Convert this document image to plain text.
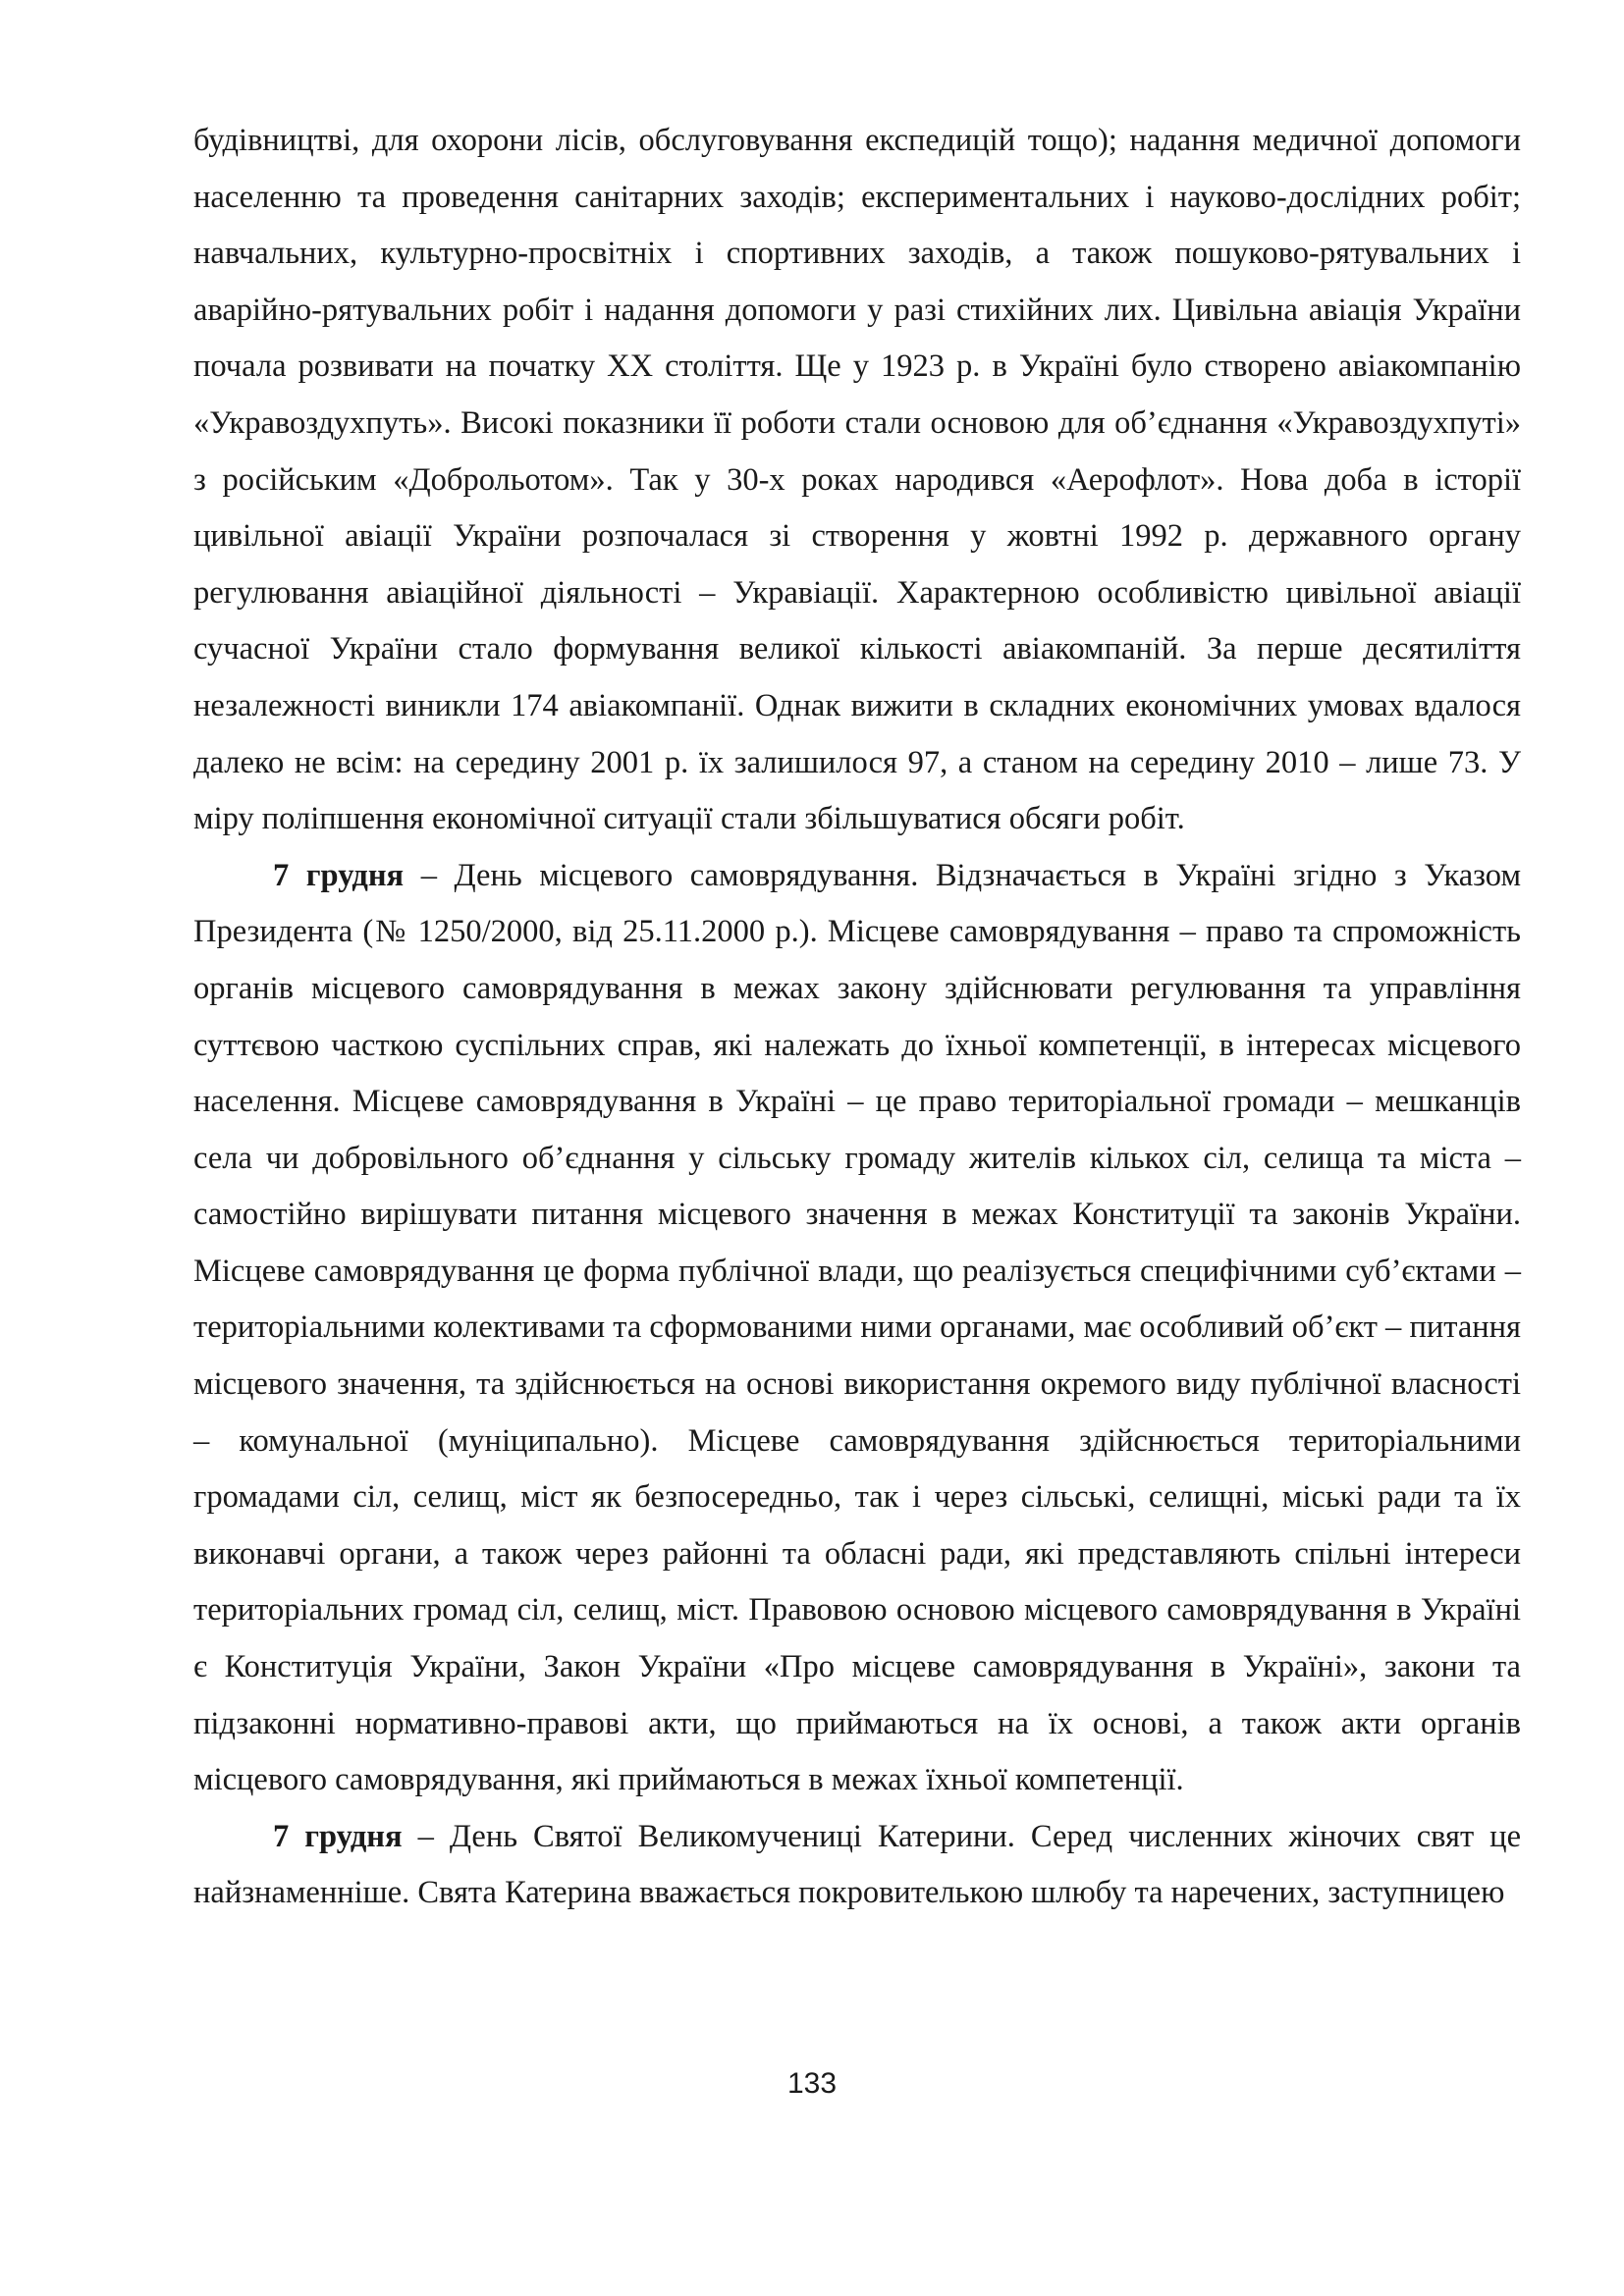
будівництві, для охорони лісів, обслуговування експедицій тощо); надання медичної допомоги населенню та проведення санітарних заходів; експериментальних і науково-дослідних робіт; навчальних, культурно-просвітніх і спортивних заходів, а також пошуково-рятувальних і аварійно-рятувальних робіт і надання допомоги у разі стихійних лих. Цивільна авіація України почала розвивати на початку XX століття. Ще у 1923 р. в Україні було створено авіакомпанію «Укравоздухпуть». Високі показники її роботи стали основою для об’єднання «Укравоздухпуті» з російським «Доброльотом». Так у 30-х роках народився «Аерофлот». Нова доба в історії цивільної авіації України розпочалася зі створення у жовтні 1992 р. державного органу регулювання авіаційної діяльності – Укравіації. Характерною особливістю цивільної авіації сучасної України стало формування великої кількості авіакомпаній. За перше десятиліття незалежності виникли 174 авіакомпанії. Однак вижити в складних економічних умовах вдалося далеко не всім: на середину 2001 р. їх залишилося 97, а станом на середину 2010 – лише 73. У міру поліпшення економічної ситуації стали збільшуватися обсяги робіт.

7 грудня – День місцевого самоврядування. Відзначається в Україні згідно з Указом Президента (№ 1250/2000, від 25.11.2000 р.). Місцеве самоврядування – право та спроможність органів місцевого самоврядування в межах закону здійснювати регулювання та управління суттєвою часткою суспільних справ, які належать до їхньої компетенції, в інтересах місцевого населення. Місцеве самоврядування в Україні – це право територіальної громади – мешканців села чи добровільного об’єднання у сільську громаду жителів кількох сіл, селища та міста – самостійно вирішувати питання місцевого значення в межах Конституції та законів України. Місцеве самоврядування це форма публічної влади, що реалізується специфічними суб’єктами – територіальними колективами та сформованими ними органами, має особливий об’єкт – питання місцевого значення, та здійснюється на основі використання окремого виду публічної власності – комунальної (муніципально). Місцеве самоврядування здійснюється територіальними громадами сіл, селищ, міст як безпосередньо, так і через сільські, селищні, міські ради та їх виконавчі органи, а також через районні та обласні ради, які представляють спільні інтереси територіальних громад сіл, селищ, міст. Правовою основою місцевого самоврядування в Україні є Конституція України, Закон України «Про місцеве самоврядування в Україні», закони та підзаконні нормативно-правові акти, що приймаються на їх основі, а також акти органів місцевого самоврядування, які приймаються в межах їхньої компетенції.

7 грудня – День Святої Великомучениці Катерини. Серед численних жіночих свят це найзнаменніше. Свята Катерина вважається покровителькою шлюбу та наречених, заступницею

133
